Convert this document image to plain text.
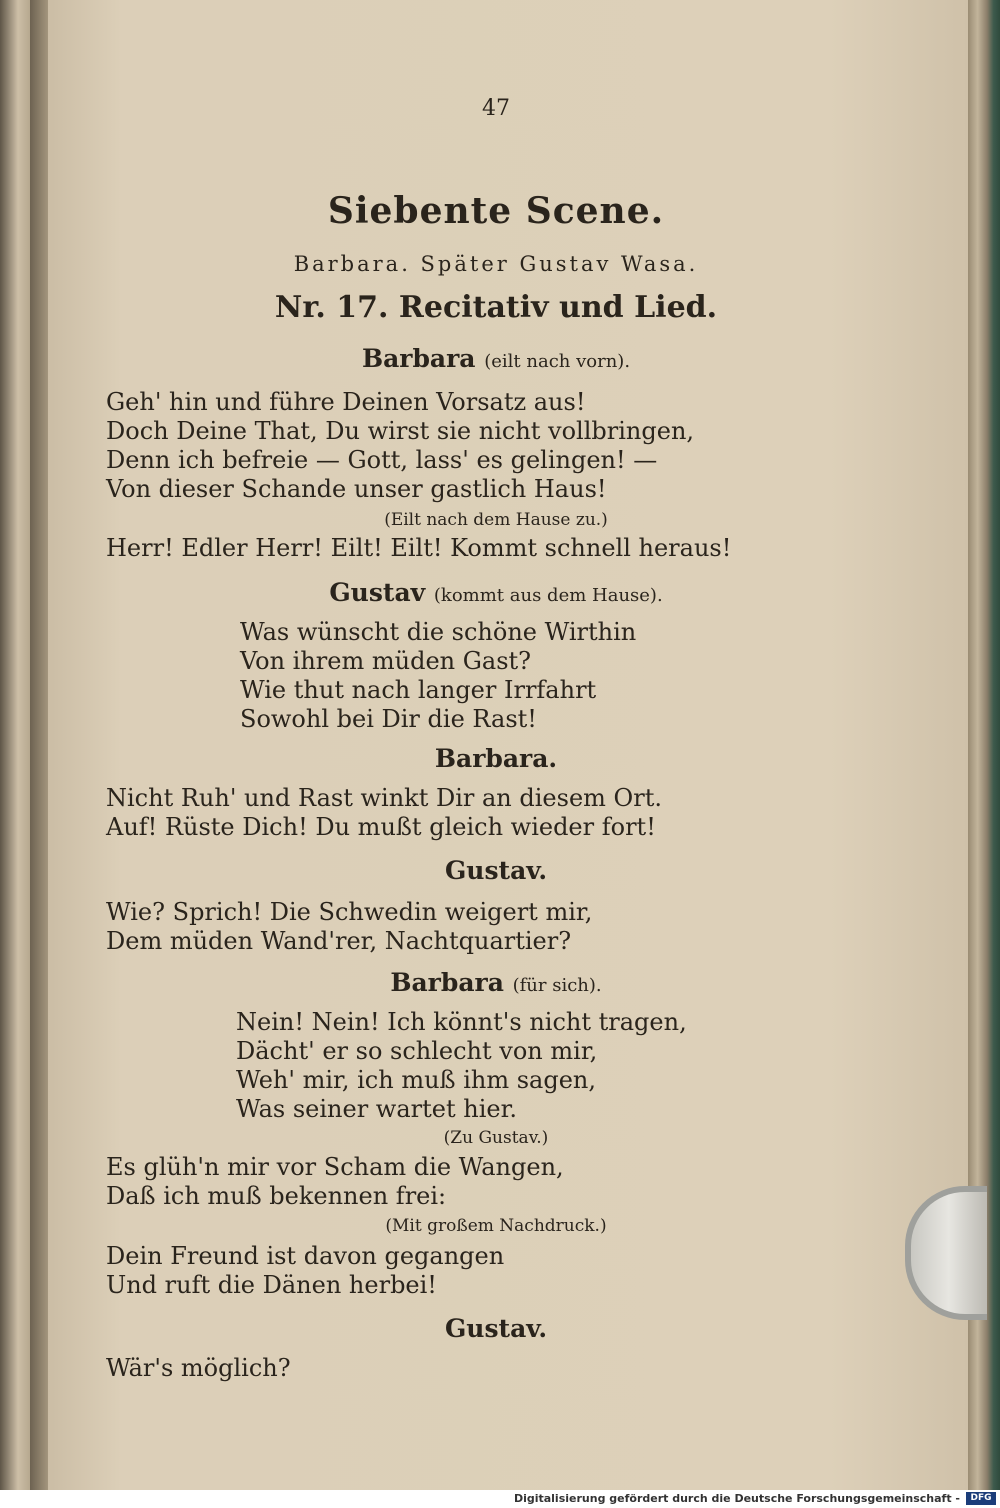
47
Siebente Scene.
Barbara. Später Gustav Wasa.
Nr. 17. Recitativ und Lied.
Barbara (eilt nach vorn).
Geh' hin und führe Deinen Vorsatz aus!
Doch Deine That, Du wirst sie nicht vollbringen,
Denn ich befreie — Gott, lass' es gelingen! —
Von dieser Schande unser gastlich Haus!
(Eilt nach dem Hause zu.)
Herr! Edler Herr! Eilt! Eilt! Kommt schnell heraus!
Gustav (kommt aus dem Hause).
Was wünscht die schöne Wirthin
Von ihrem müden Gast?
Wie thut nach langer Irrfahrt
Sowohl bei Dir die Rast!
Barbara.
Nicht Ruh' und Rast winkt Dir an diesem Ort.
Auf! Rüste Dich! Du mußt gleich wieder fort!
Gustav.
Wie? Sprich! Die Schwedin weigert mir,
Dem müden Wand'rer, Nachtquartier?
Barbara (für sich).
Nein! Nein! Ich könnt's nicht tragen,
Dächt' er so schlecht von mir,
Weh' mir, ich muß ihm sagen,
Was seiner wartet hier.
(Zu Gustav.)
Es glüh'n mir vor Scham die Wangen,
Daß ich muß bekennen frei:
(Mit großem Nachdruck.)
Dein Freund ist davon gegangen
Und ruft die Dänen herbei!
Gustav.
Wär's möglich?
Digitalisierung gefördert durch die Deutsche Forschungsgemeinschaft -	DFG
